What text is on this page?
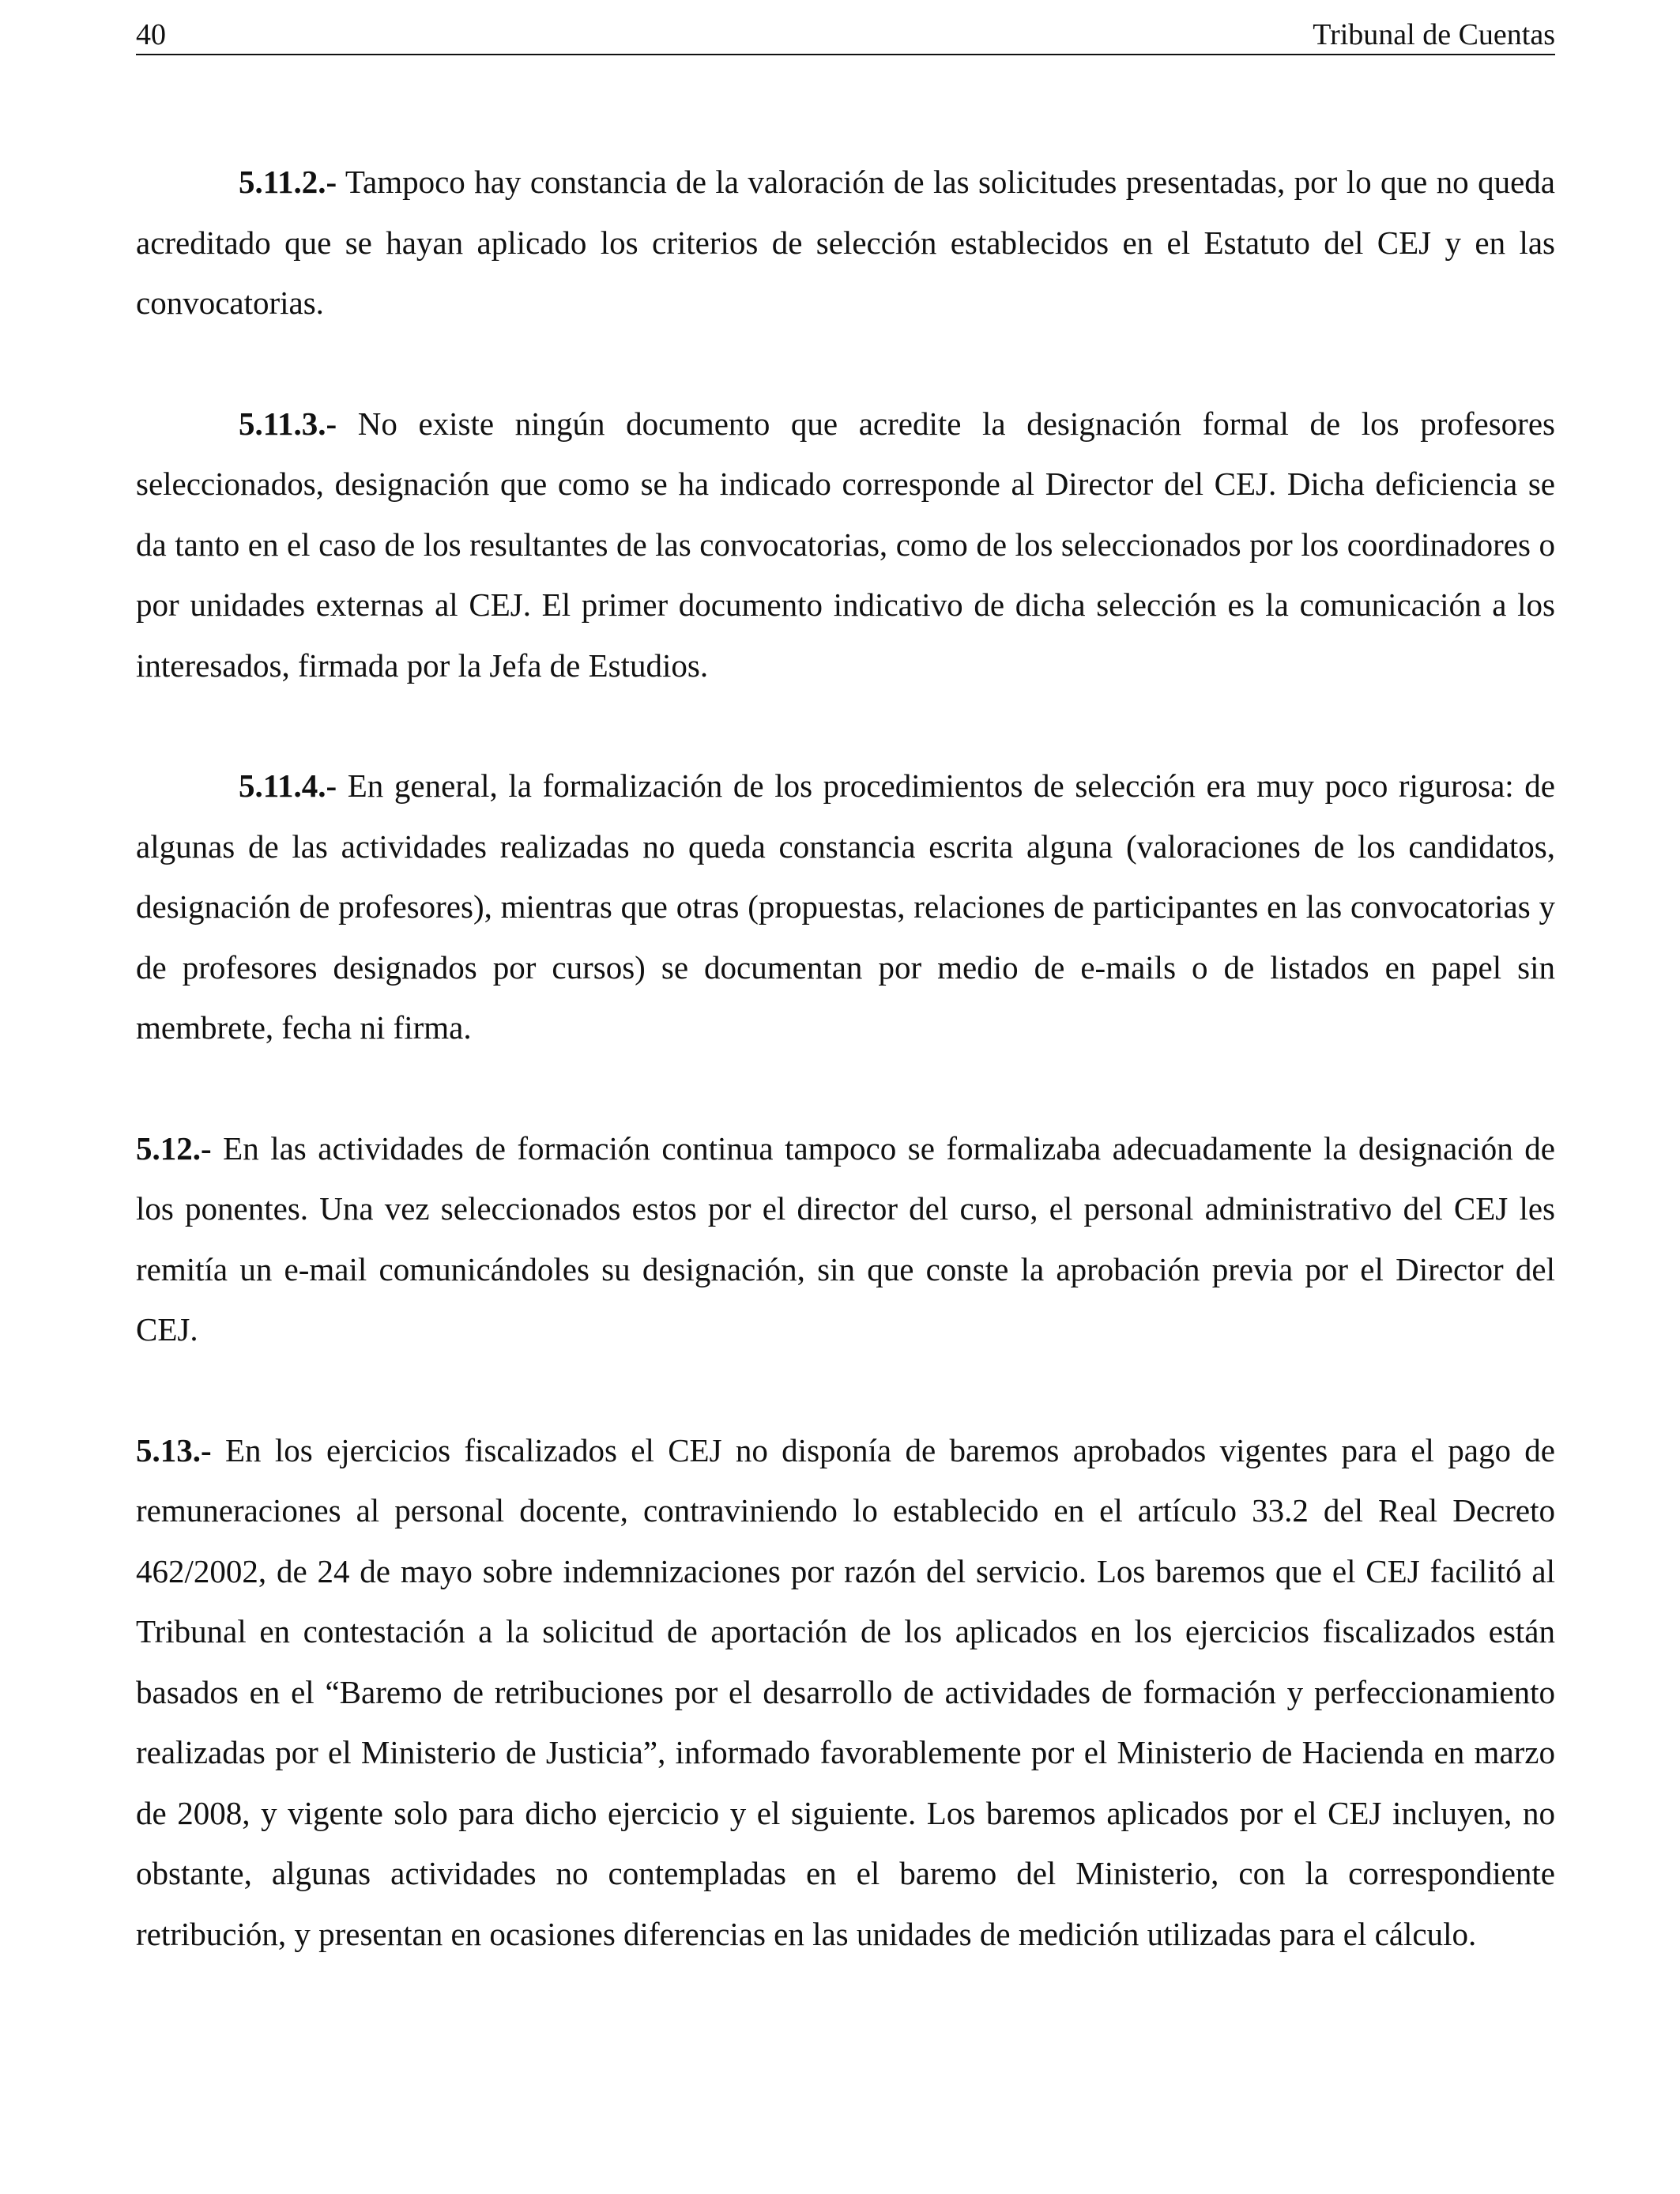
40	Tribunal de Cuentas

5.11.2.- Tampoco hay constancia de la valoración de las solicitudes presentadas, por lo que no queda acreditado que se hayan aplicado los criterios de selección establecidos en el Estatuto del CEJ y en las convocatorias.

5.11.3.- No existe ningún documento que acredite la designación formal de los profesores seleccionados, designación que como se ha indicado corresponde al Director del CEJ. Dicha deficiencia se da tanto en el caso de los resultantes de las convocatorias, como de los seleccionados por los coordinadores o por unidades externas al CEJ. El primer documento indicativo de dicha selección es la comunicación a los interesados, firmada por la Jefa de Estudios.

5.11.4.- En general, la formalización de los procedimientos de selección era muy poco rigurosa: de algunas de las actividades realizadas no queda constancia escrita alguna (valoraciones de los candidatos, designación de profesores), mientras que otras (propuestas, relaciones de participantes en las convocatorias y de profesores designados por cursos) se documentan por medio de e-mails o de listados en papel sin membrete, fecha ni firma.

5.12.- En las actividades de formación continua tampoco se formalizaba adecuadamente la designación de los ponentes. Una vez seleccionados estos por el director del curso, el personal administrativo del CEJ les remitía un e-mail comunicándoles su designación, sin que conste la aprobación previa por el Director del CEJ.

5.13.- En los ejercicios fiscalizados el CEJ no disponía de baremos aprobados vigentes para el pago de remuneraciones al personal docente, contraviniendo lo establecido en el artículo 33.2 del Real Decreto 462/2002, de 24 de mayo sobre indemnizaciones por razón del servicio. Los baremos que el CEJ facilitó al Tribunal en contestación a la solicitud de aportación de los aplicados en los ejercicios fiscalizados están basados en el “Baremo de retribuciones por el desarrollo de actividades de formación y perfeccionamiento realizadas por el Ministerio de Justicia”, informado favorablemente por el Ministerio de Hacienda en marzo de 2008, y vigente solo para dicho ejercicio y el siguiente. Los baremos aplicados por el CEJ incluyen, no obstante, algunas actividades no contempladas en el baremo del Ministerio, con la correspondiente retribución, y presentan en ocasiones diferencias en las unidades de medición utilizadas para el cálculo.
